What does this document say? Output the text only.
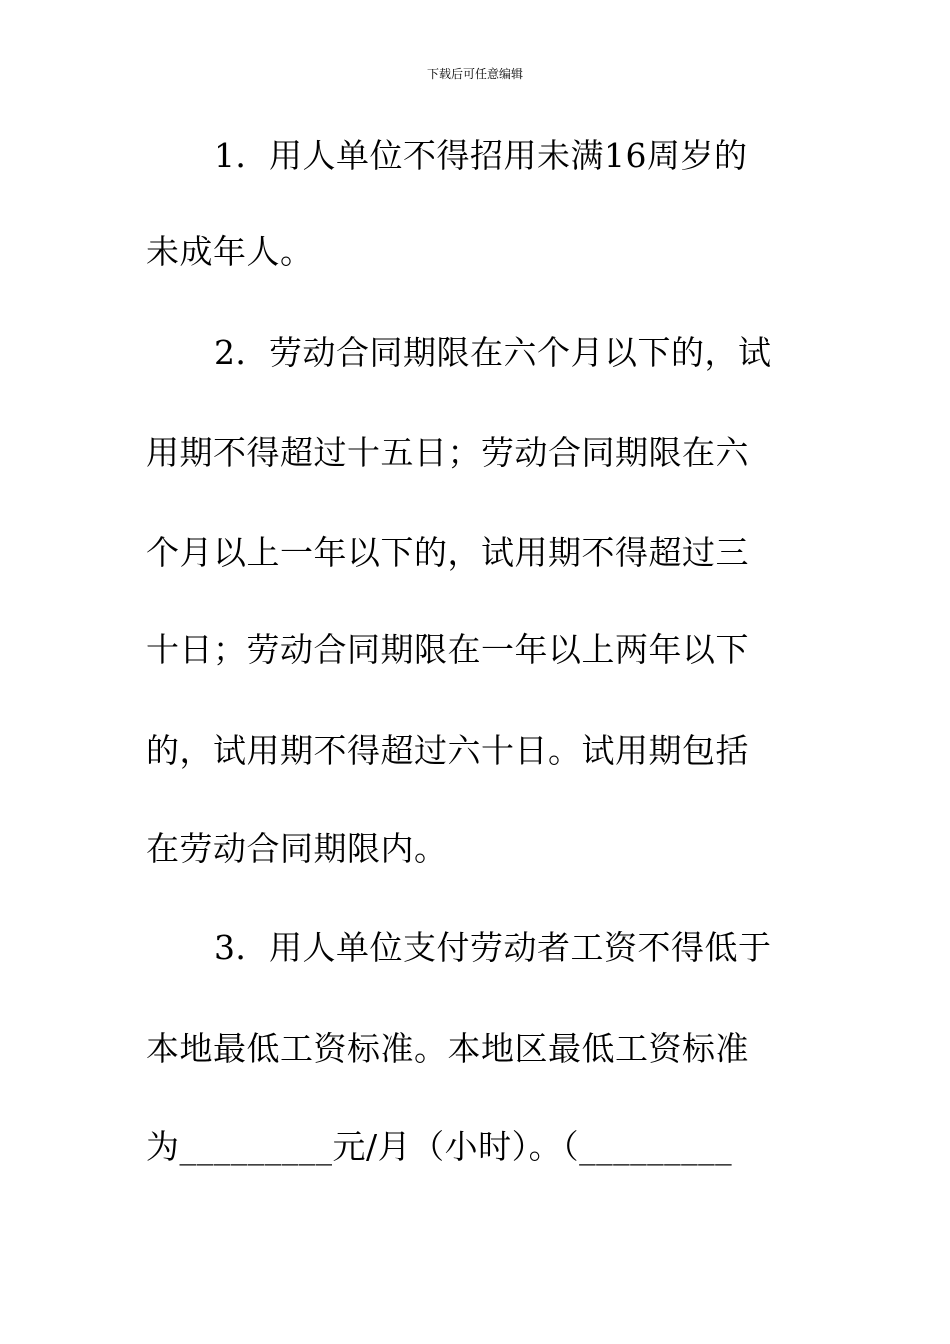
下载后可任意编辑
1．用人单位不得招用未满16周岁的
未成年人。
2．劳动合同期限在六个月以下的，试
用期不得超过十五日；劳动合同期限在六
个月以上一年以下的，试用期不得超过三
十日；劳动合同期限在一年以上两年以下
的，试用期不得超过六十日。试用期包括
在劳动合同期限内。
3．用人单位支付劳动者工资不得低于
本地最低工资标准。本地区最低工资标准
为_________元/月（小时）。（_________
